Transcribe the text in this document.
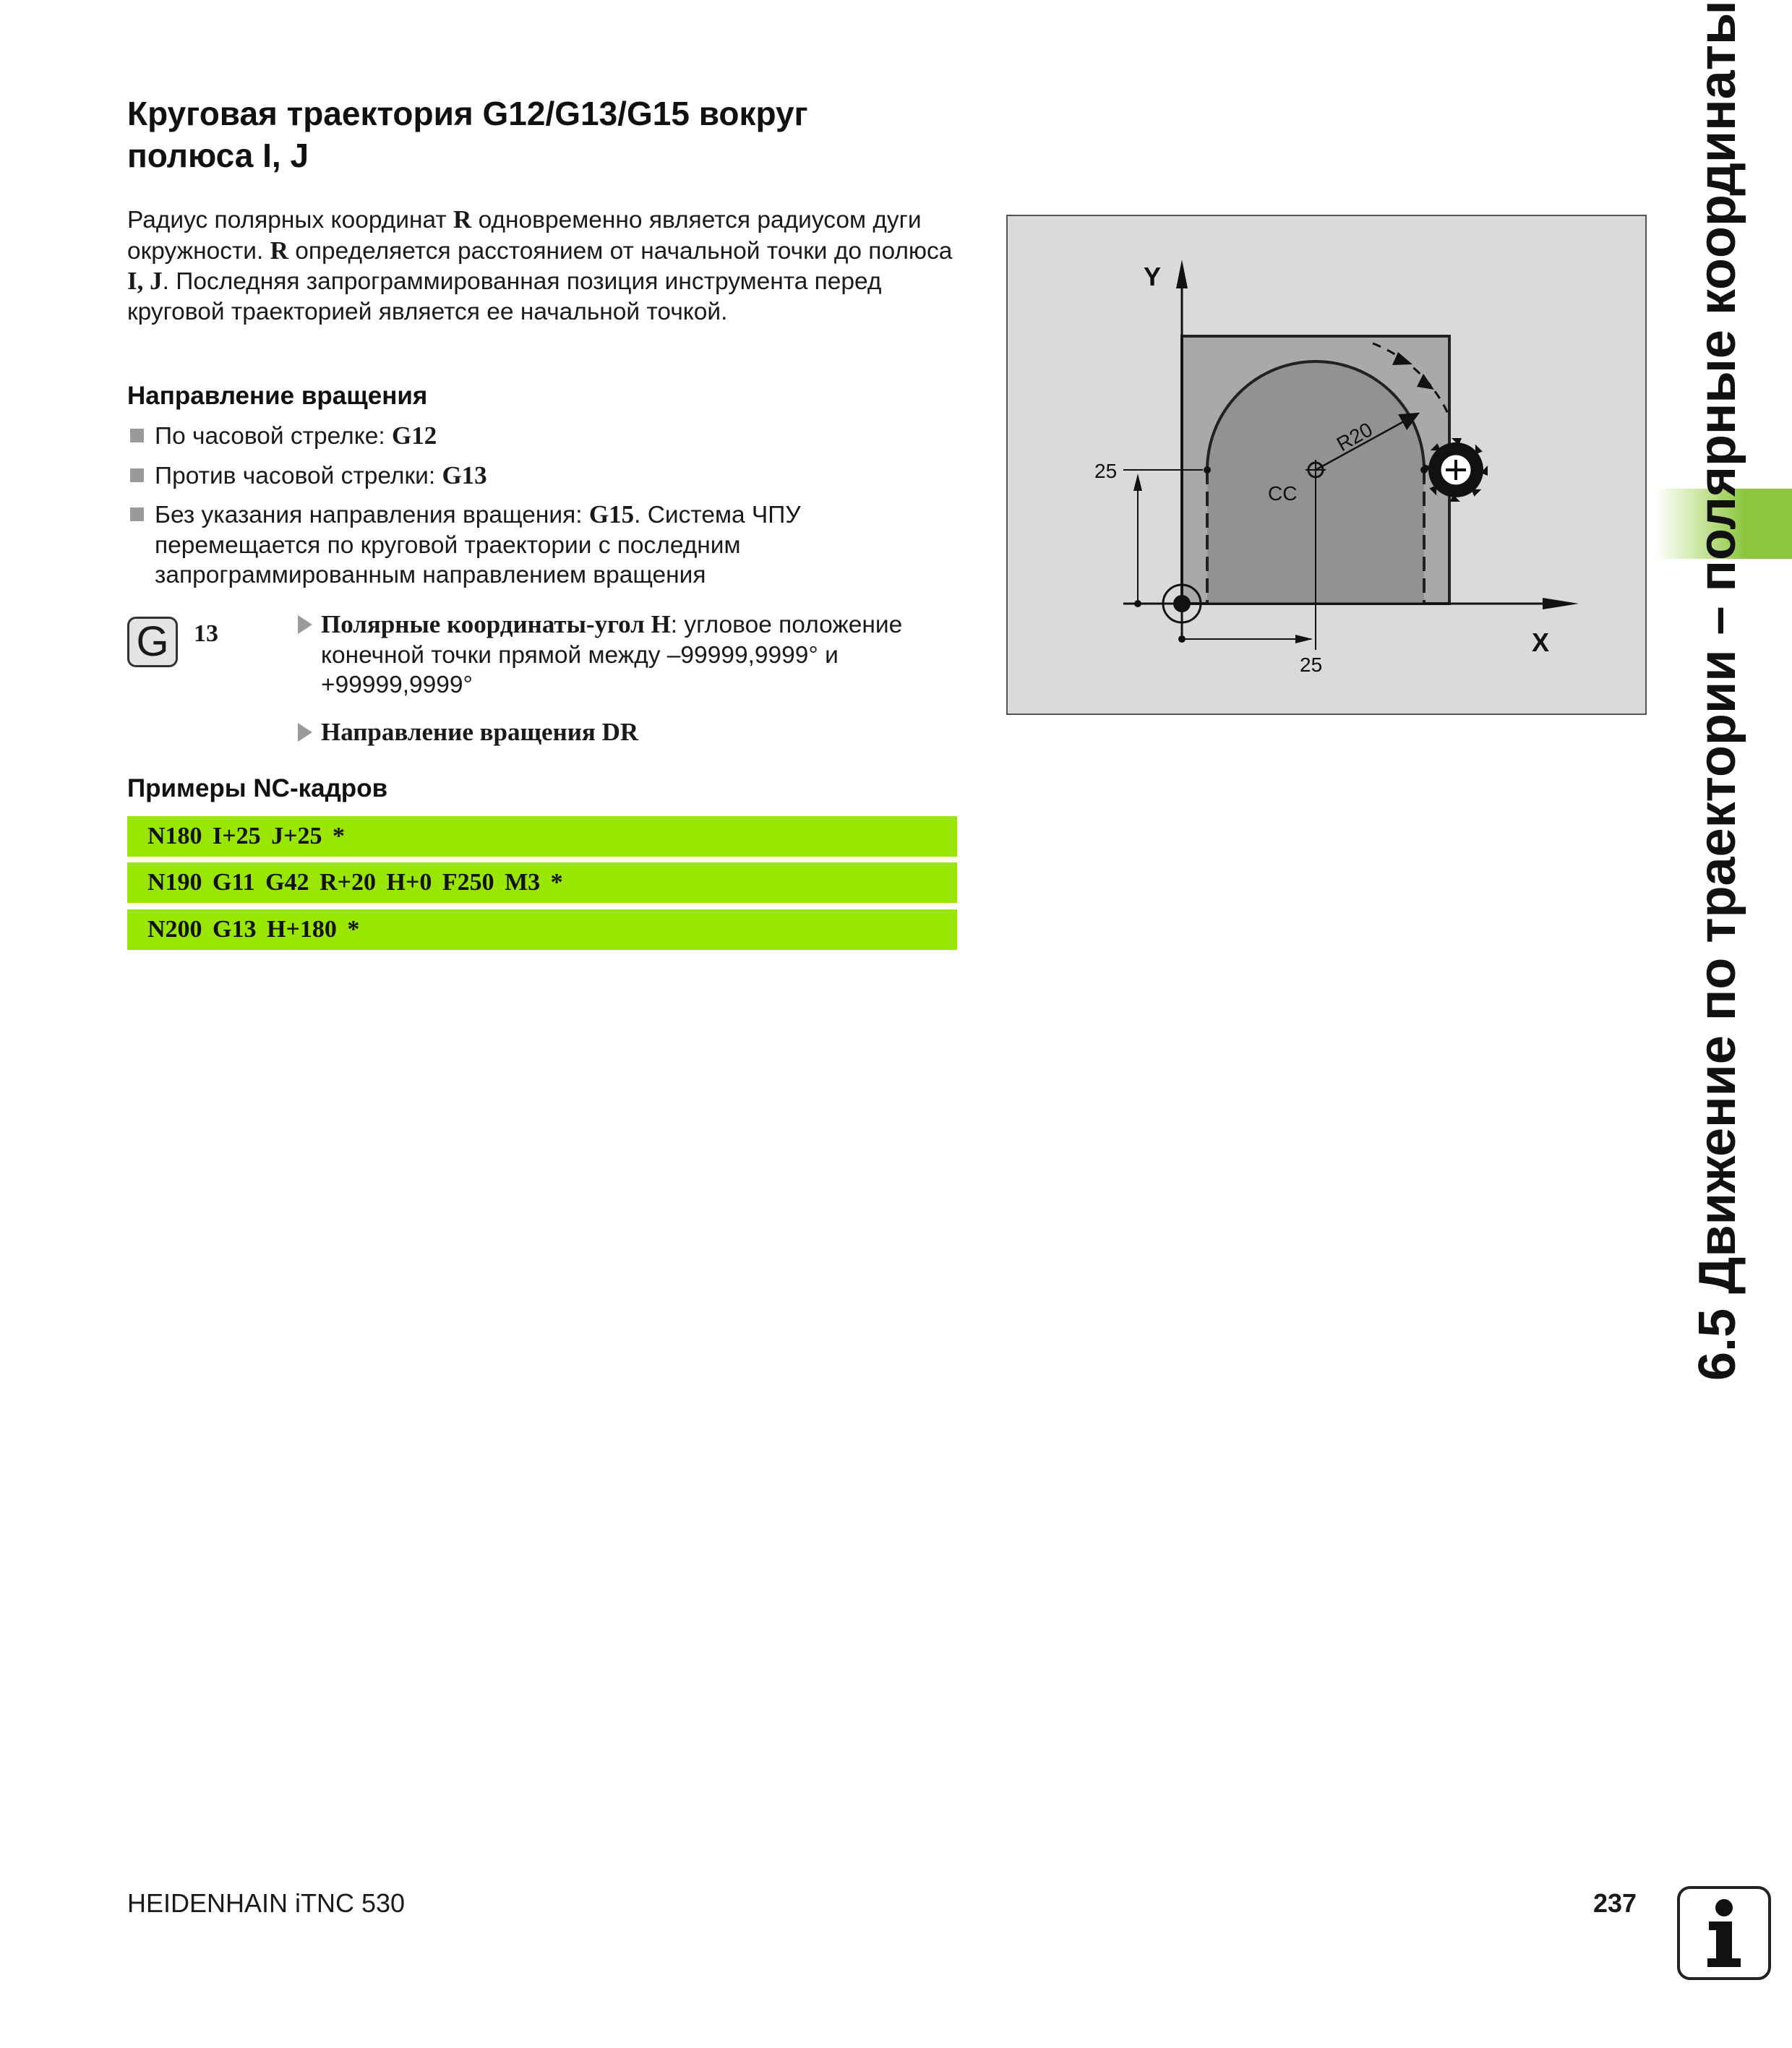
Круговая траектория G12/G13/G15 вокруг
полюса I, J
Радиус полярных координат R одновременно является радиусом дуги окружности. R определяется расстоянием от начальной точки до полюса I, J. Последняя запрограммированная позиция инструмента перед круговой траекторией является ее начальной точкой.
Направление вращения
По часовой стрелке: G12
Против часовой стрелки: G13
Без указания направления вращения: G15. Система ЧПУ перемещается по круговой траектории с последним запрограммированным направлением вращения
G	13	Полярные координаты-угол H: угловое положение конечной точки прямой между –99999,9999° и +99999,9999°
Направление вращения DR
Примеры NC-кадров
N180 I+25 J+25 *
N190 G11 G42 R+20 H+0 F250 M3 *
N200 G13 H+180 *
Y
X
CC
R20
25
25	6.5 Движение по траектории – полярные координаты
HEIDENHAIN iTNC 530	237
